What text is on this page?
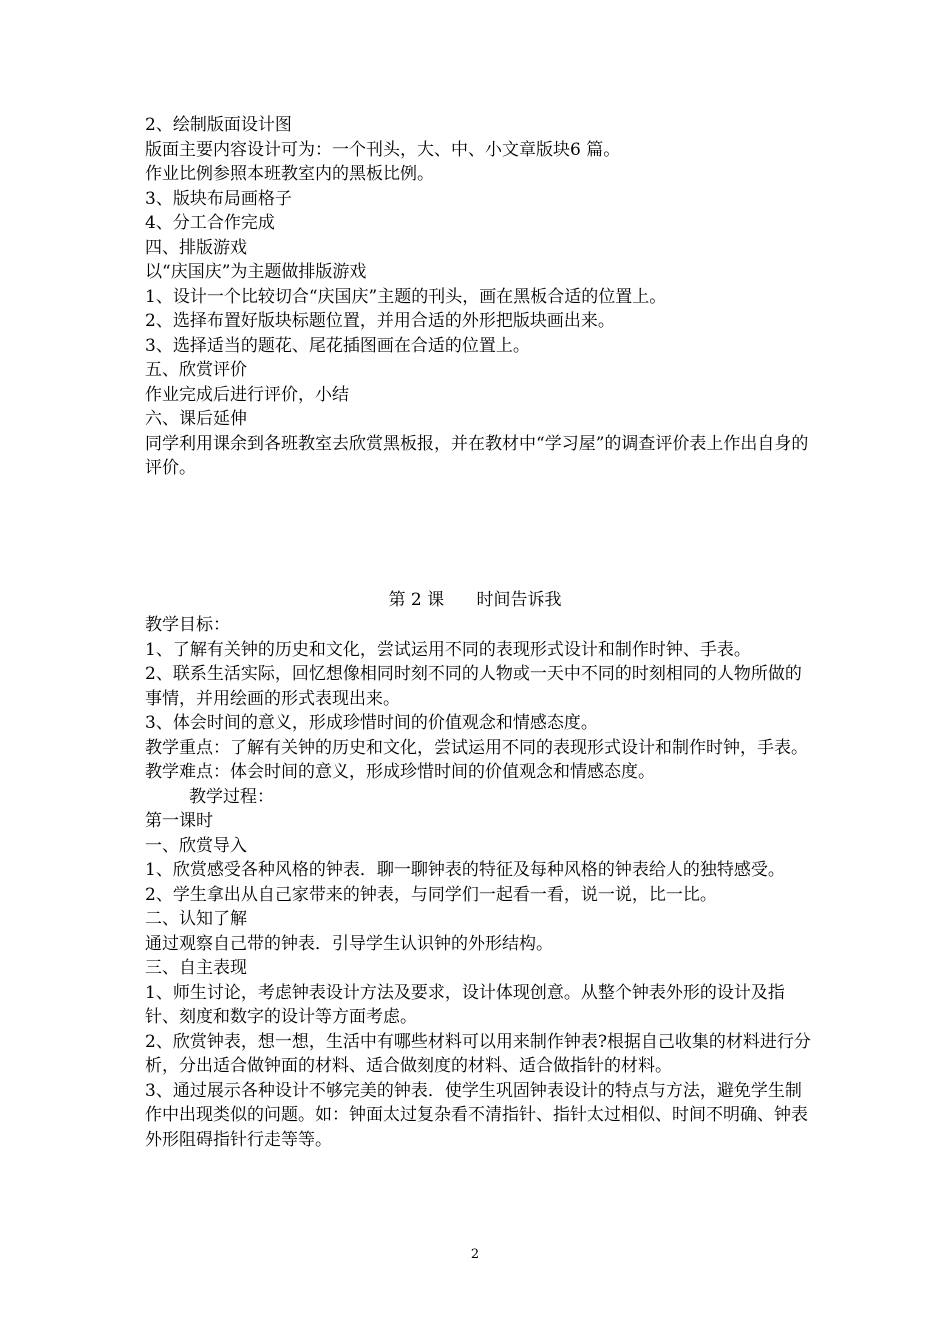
2、绘制版面设计图
版面主要内容设计可为：一个刊头，大、中、小文章版块6 篇。
作业比例参照本班教室内的黑板比例。
3、版块布局画格子
4、分工合作完成
四、排版游戏
以“庆国庆”为主题做排版游戏
1、设计一个比较切合“庆国庆”主题的刊头，画在黑板合适的位置上。
2、选择布置好版块标题位置，并用合适的外形把版块画出来。
3、选择适当的题花、尾花插图画在合适的位置上。
五、欣赏评价
作业完成后进行评价，小结
六、课后延伸
同学利用课余到各班教室去欣赏黑板报，并在教材中“学习屋”的调查评价表上作出自身的评价。
第 2 课      时间告诉我
教学目标：
1、了解有关钟的历史和文化，尝试运用不同的表现形式设计和制作时钟、手表。
2、联系生活实际，回忆想像相同时刻不同的人物或一天中不同的时刻相同的人物所做的事情，并用绘画的形式表现出来。
3、体会时间的意义，形成珍惜时间的价值观念和情感态度。
教学重点：了解有关钟的历史和文化，尝试运用不同的表现形式设计和制作时钟，手表。
教学难点：体会时间的意义，形成珍惜时间的价值观念和情感态度。
教学过程：
第一课时
一、欣赏导入
1、欣赏感受各种风格的钟表．聊一聊钟表的特征及每种风格的钟表给人的独特感受。
2、学生拿出从自己家带来的钟表，与同学们一起看一看，说一说，比一比。
二、认知了解
通过观察自己带的钟表．引导学生认识钟的外形结构。
三、自主表现
1、师生讨论，考虑钟表设计方法及要求，设计体现创意。从整个钟表外形的设计及指针、刻度和数字的设计等方面考虑。
2、欣赏钟表，想一想，生活中有哪些材料可以用来制作钟表?根据自己收集的材料进行分析，分出适合做钟面的材料、适合做刻度的材料、适合做指针的材料。
3、通过展示各种设计不够完美的钟表．使学生巩固钟表设计的特点与方法，避免学生制作中出现类似的问题。如：钟面太过复杂看不清指针、指针太过相似、时间不明确、钟表外形阻碍指针行走等等。
2
